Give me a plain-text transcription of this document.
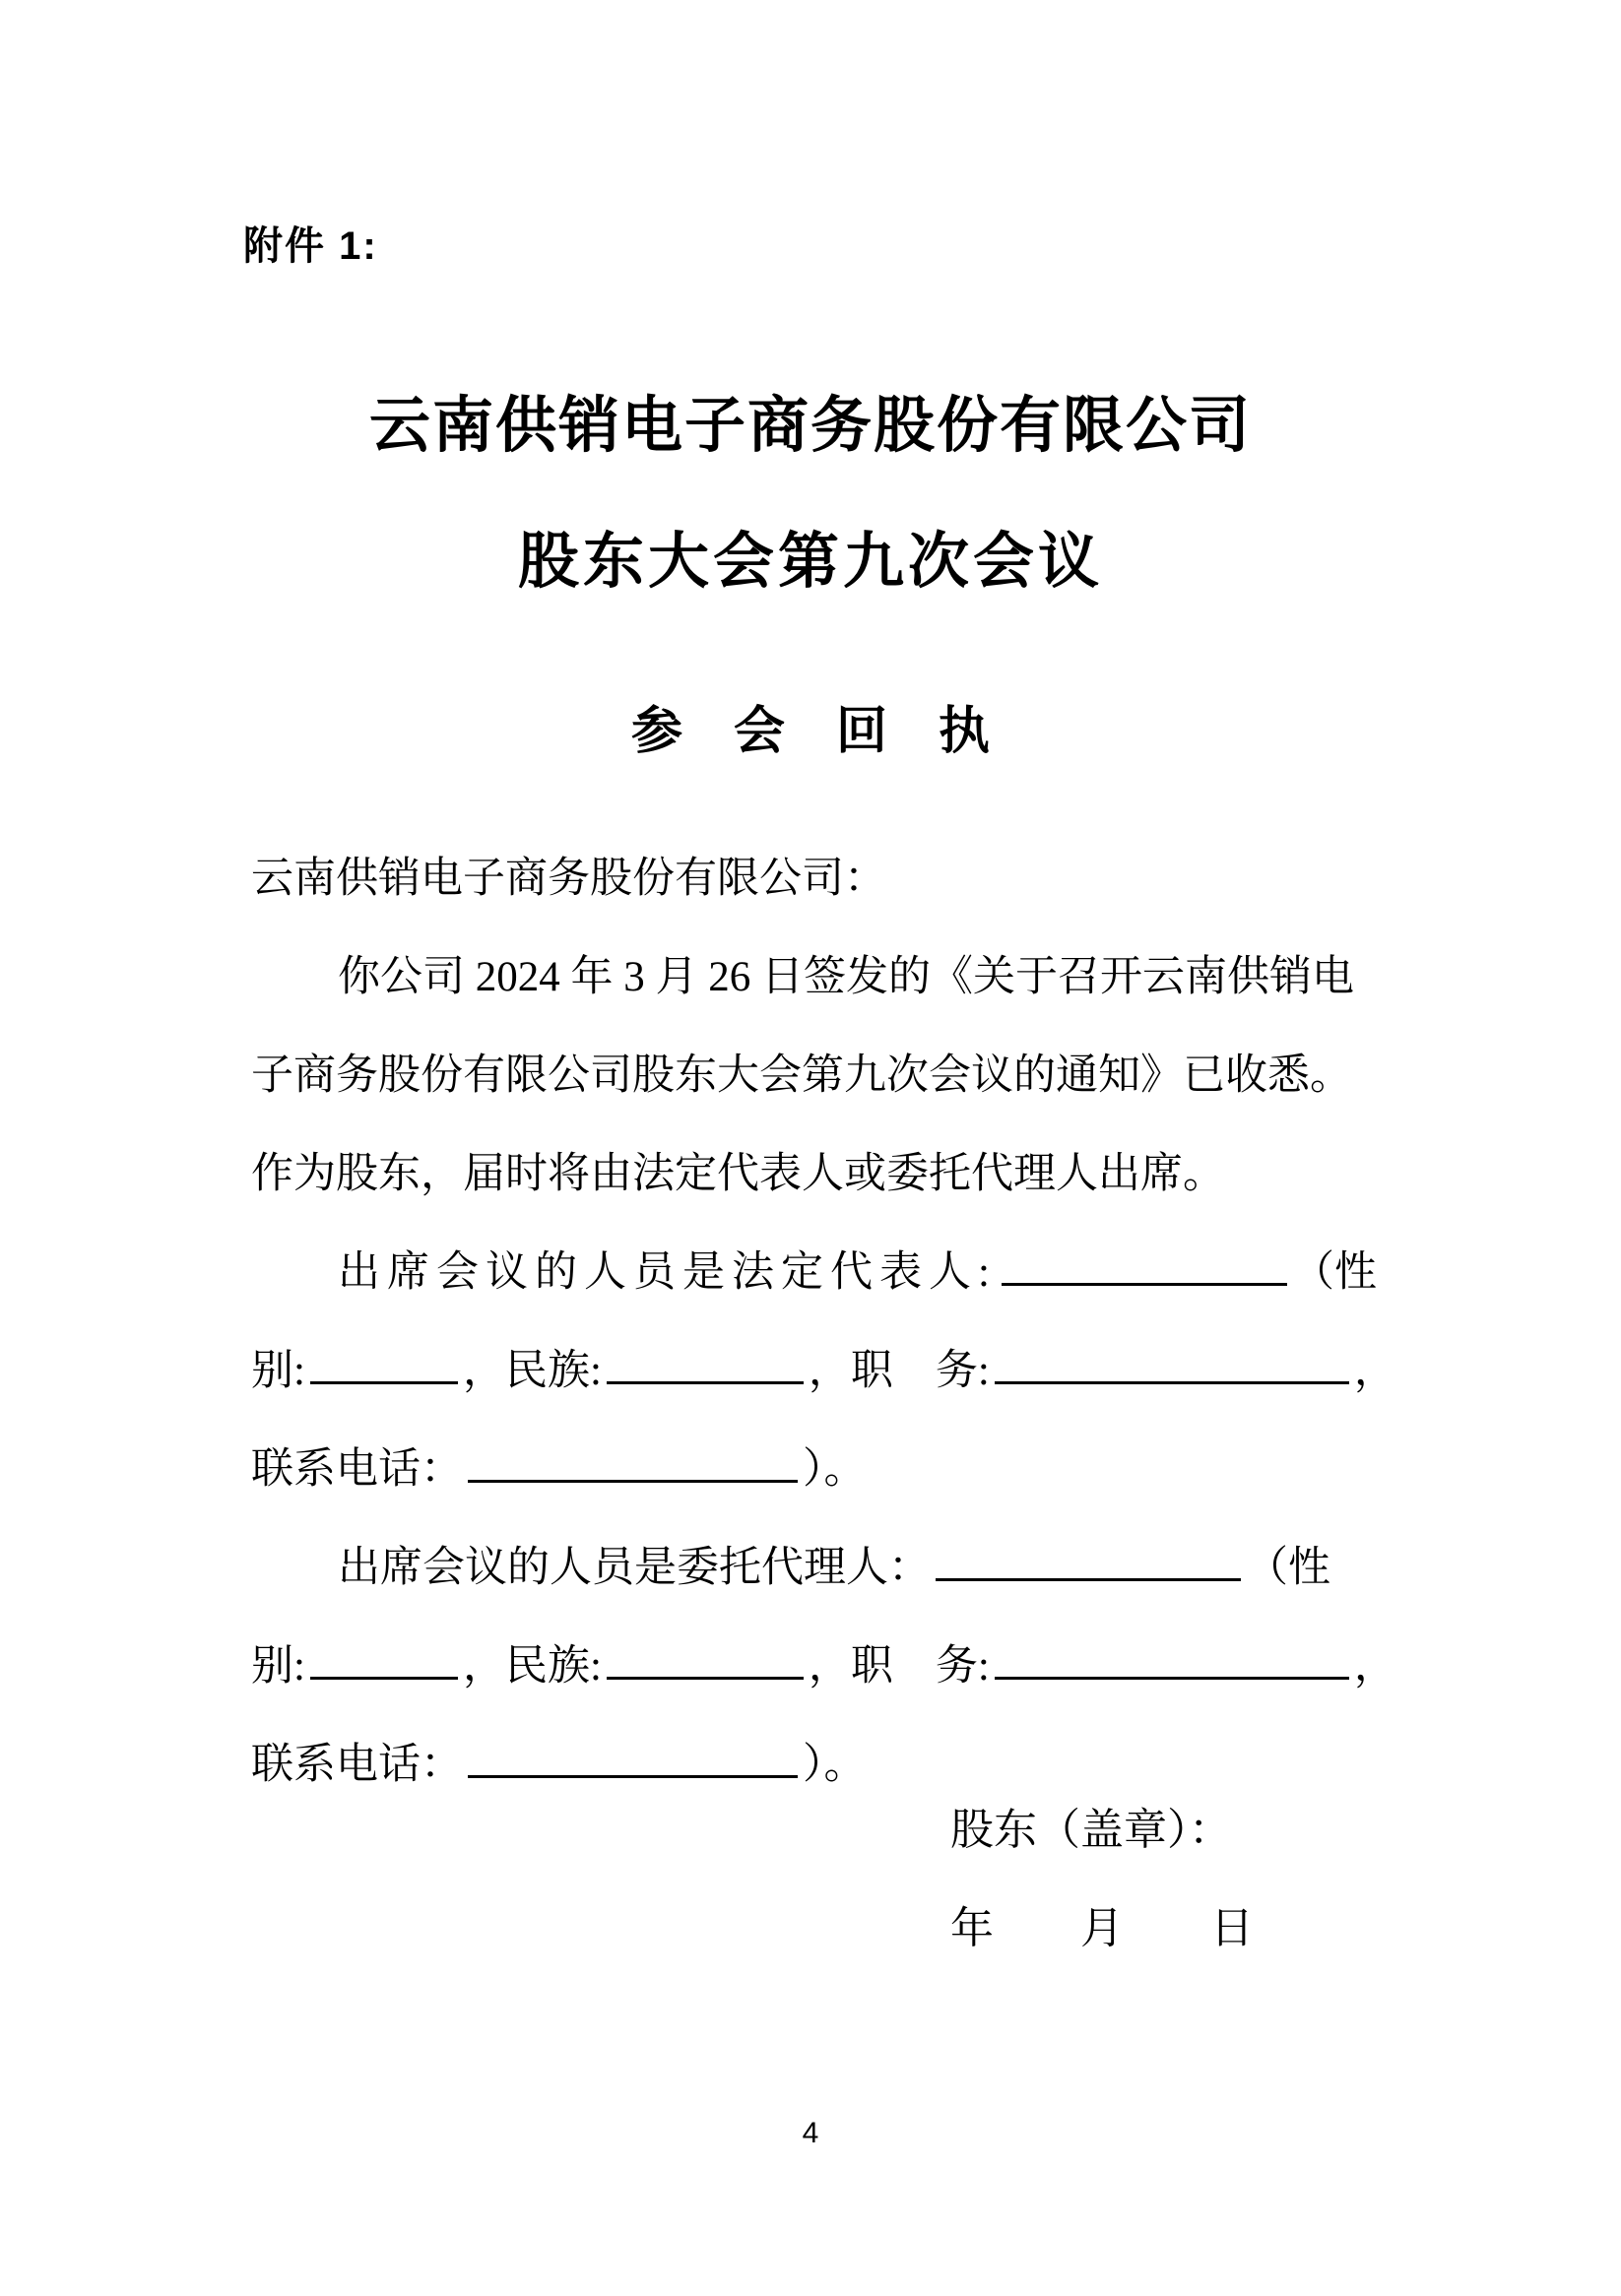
附件 1:
云南供销电子商务股份有限公司
股东大会第九次会议
参　会　回　执
云南供销电子商务股份有限公司：
你公司 2024 年 3 月 26 日签发的《关于召开云南供销电
子商务股份有限公司股东大会第九次会议的通知》已收悉。
作为股东，届时将由法定代表人或委托代理人出席。
出席会议的人员是法定代表人:	（性
别:	，民族:	，职　务:	，
联系电话：	）。
出席会议的人员是委托代理人：	（性
别:	，民族:	，职　务:	，
联系电话：	）。
股东（盖章）：
年　　月　　日
4
